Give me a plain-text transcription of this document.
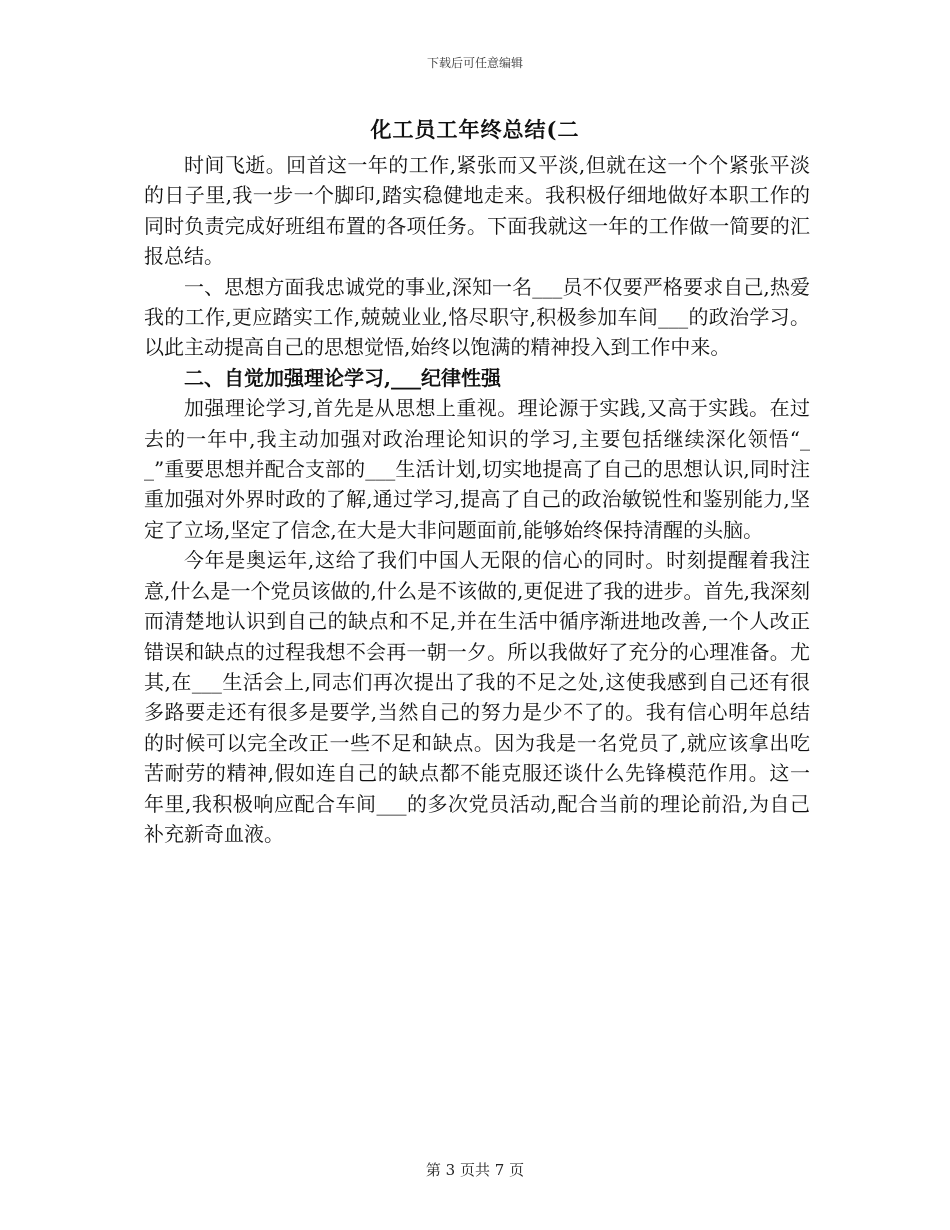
下载后可任意编辑
化工员工年终总结(二

时间飞逝。回首这一年的工作,紧张而又平淡,但就在这一个个紧张平淡的日子里,我一步一个脚印,踏实稳健地走来。我积极仔细地做好本职工作的同时负责完成好班组布置的各项任务。下面我就这一年的工作做一简要的汇报总结。

一、思想方面我忠诚党的事业,深知一名___员不仅要严格要求自己,热爱我的工作,更应踏实工作,兢兢业业,恪尽职守,积极参加车间___的政治学习。以此主动提高自己的思想觉悟,始终以饱满的精神投入到工作中来。

二、自觉加强理论学习,___纪律性强

加强理论学习,首先是从思想上重视。理论源于实践,又高于实践。在过去的一年中,我主动加强对政治理论知识的学习,主要包括继续深化领悟“__”重要思想并配合支部的___生活计划,切实地提高了自己的思想认识,同时注重加强对外界时政的了解,通过学习,提高了自己的政治敏锐性和鉴别能力,坚定了立场,坚定了信念,在大是大非问题面前,能够始终保持清醒的头脑。

今年是奥运年,这给了我们中国人无限的信心的同时。时刻提醒着我注意,什么是一个党员该做的,什么是不该做的,更促进了我的进步。首先,我深刻而清楚地认识到自己的缺点和不足,并在生活中循序渐进地改善,一个人改正错误和缺点的过程我想不会再一朝一夕。所以我做好了充分的心理准备。尤其,在___生活会上,同志们再次提出了我的不足之处,这使我感到自己还有很多路要走还有很多是要学,当然自己的努力是少不了的。我有信心明年总结的时候可以完全改正一些不足和缺点。因为我是一名党员了,就应该拿出吃苦耐劳的精神,假如连自己的缺点都不能克服还谈什么先锋模范作用。这一年里,我积极响应配合车间___的多次党员活动,配合当前的理论前沿,为自己补充新奇血液。

第 3 页共 7 页
